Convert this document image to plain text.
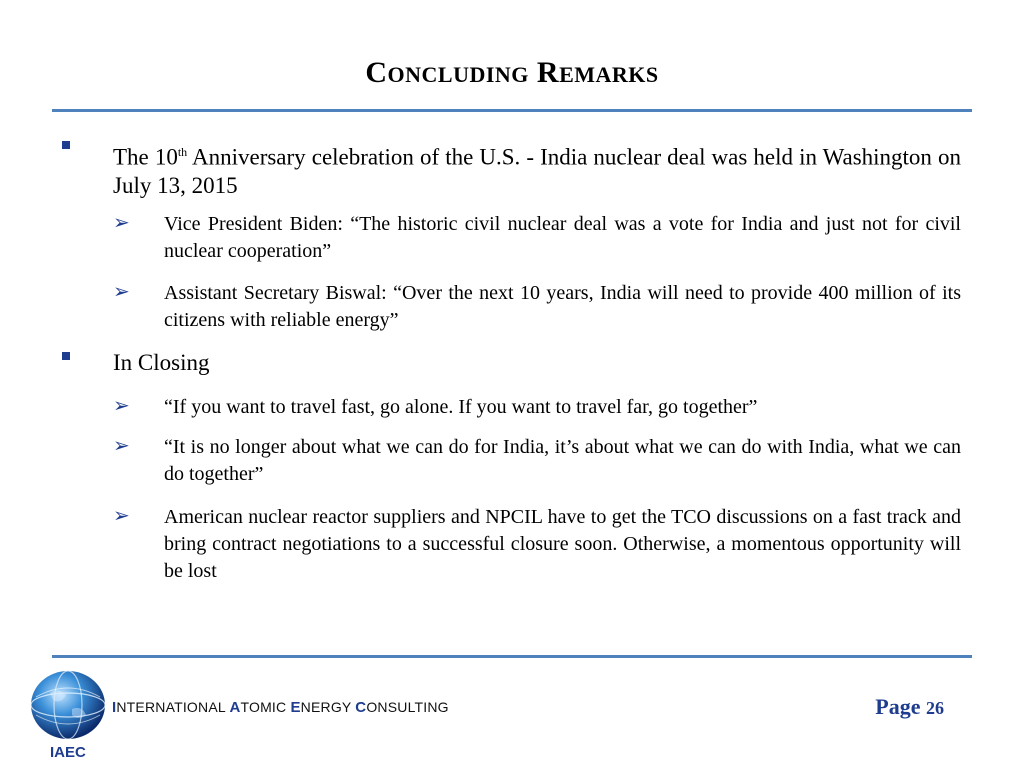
CONCLUDING REMARKS
The 10th Anniversary celebration of the U.S. - India nuclear deal was held in Washington on July 13, 2015
➢ Vice President Biden: “The historic civil nuclear deal was a vote for India and just not for civil nuclear cooperation”
➢ Assistant Secretary Biswal: “Over the next 10 years, India will need to provide 400 million of its citizens with reliable energy”
In Closing
➢ “If you want to travel fast, go alone. If you want to travel far, go together”
➢ “It is no longer about what we can do for India, it’s about what we can do with India, what we can do together”
➢ American nuclear reactor suppliers and NPCIL have to get the TCO discussions on a fast track and bring contract negotiations to a successful closure soon. Otherwise, a momentous opportunity will be lost
IAEC
INTERNATIONAL ATOMIC ENERGY CONSULTING	Page 26
